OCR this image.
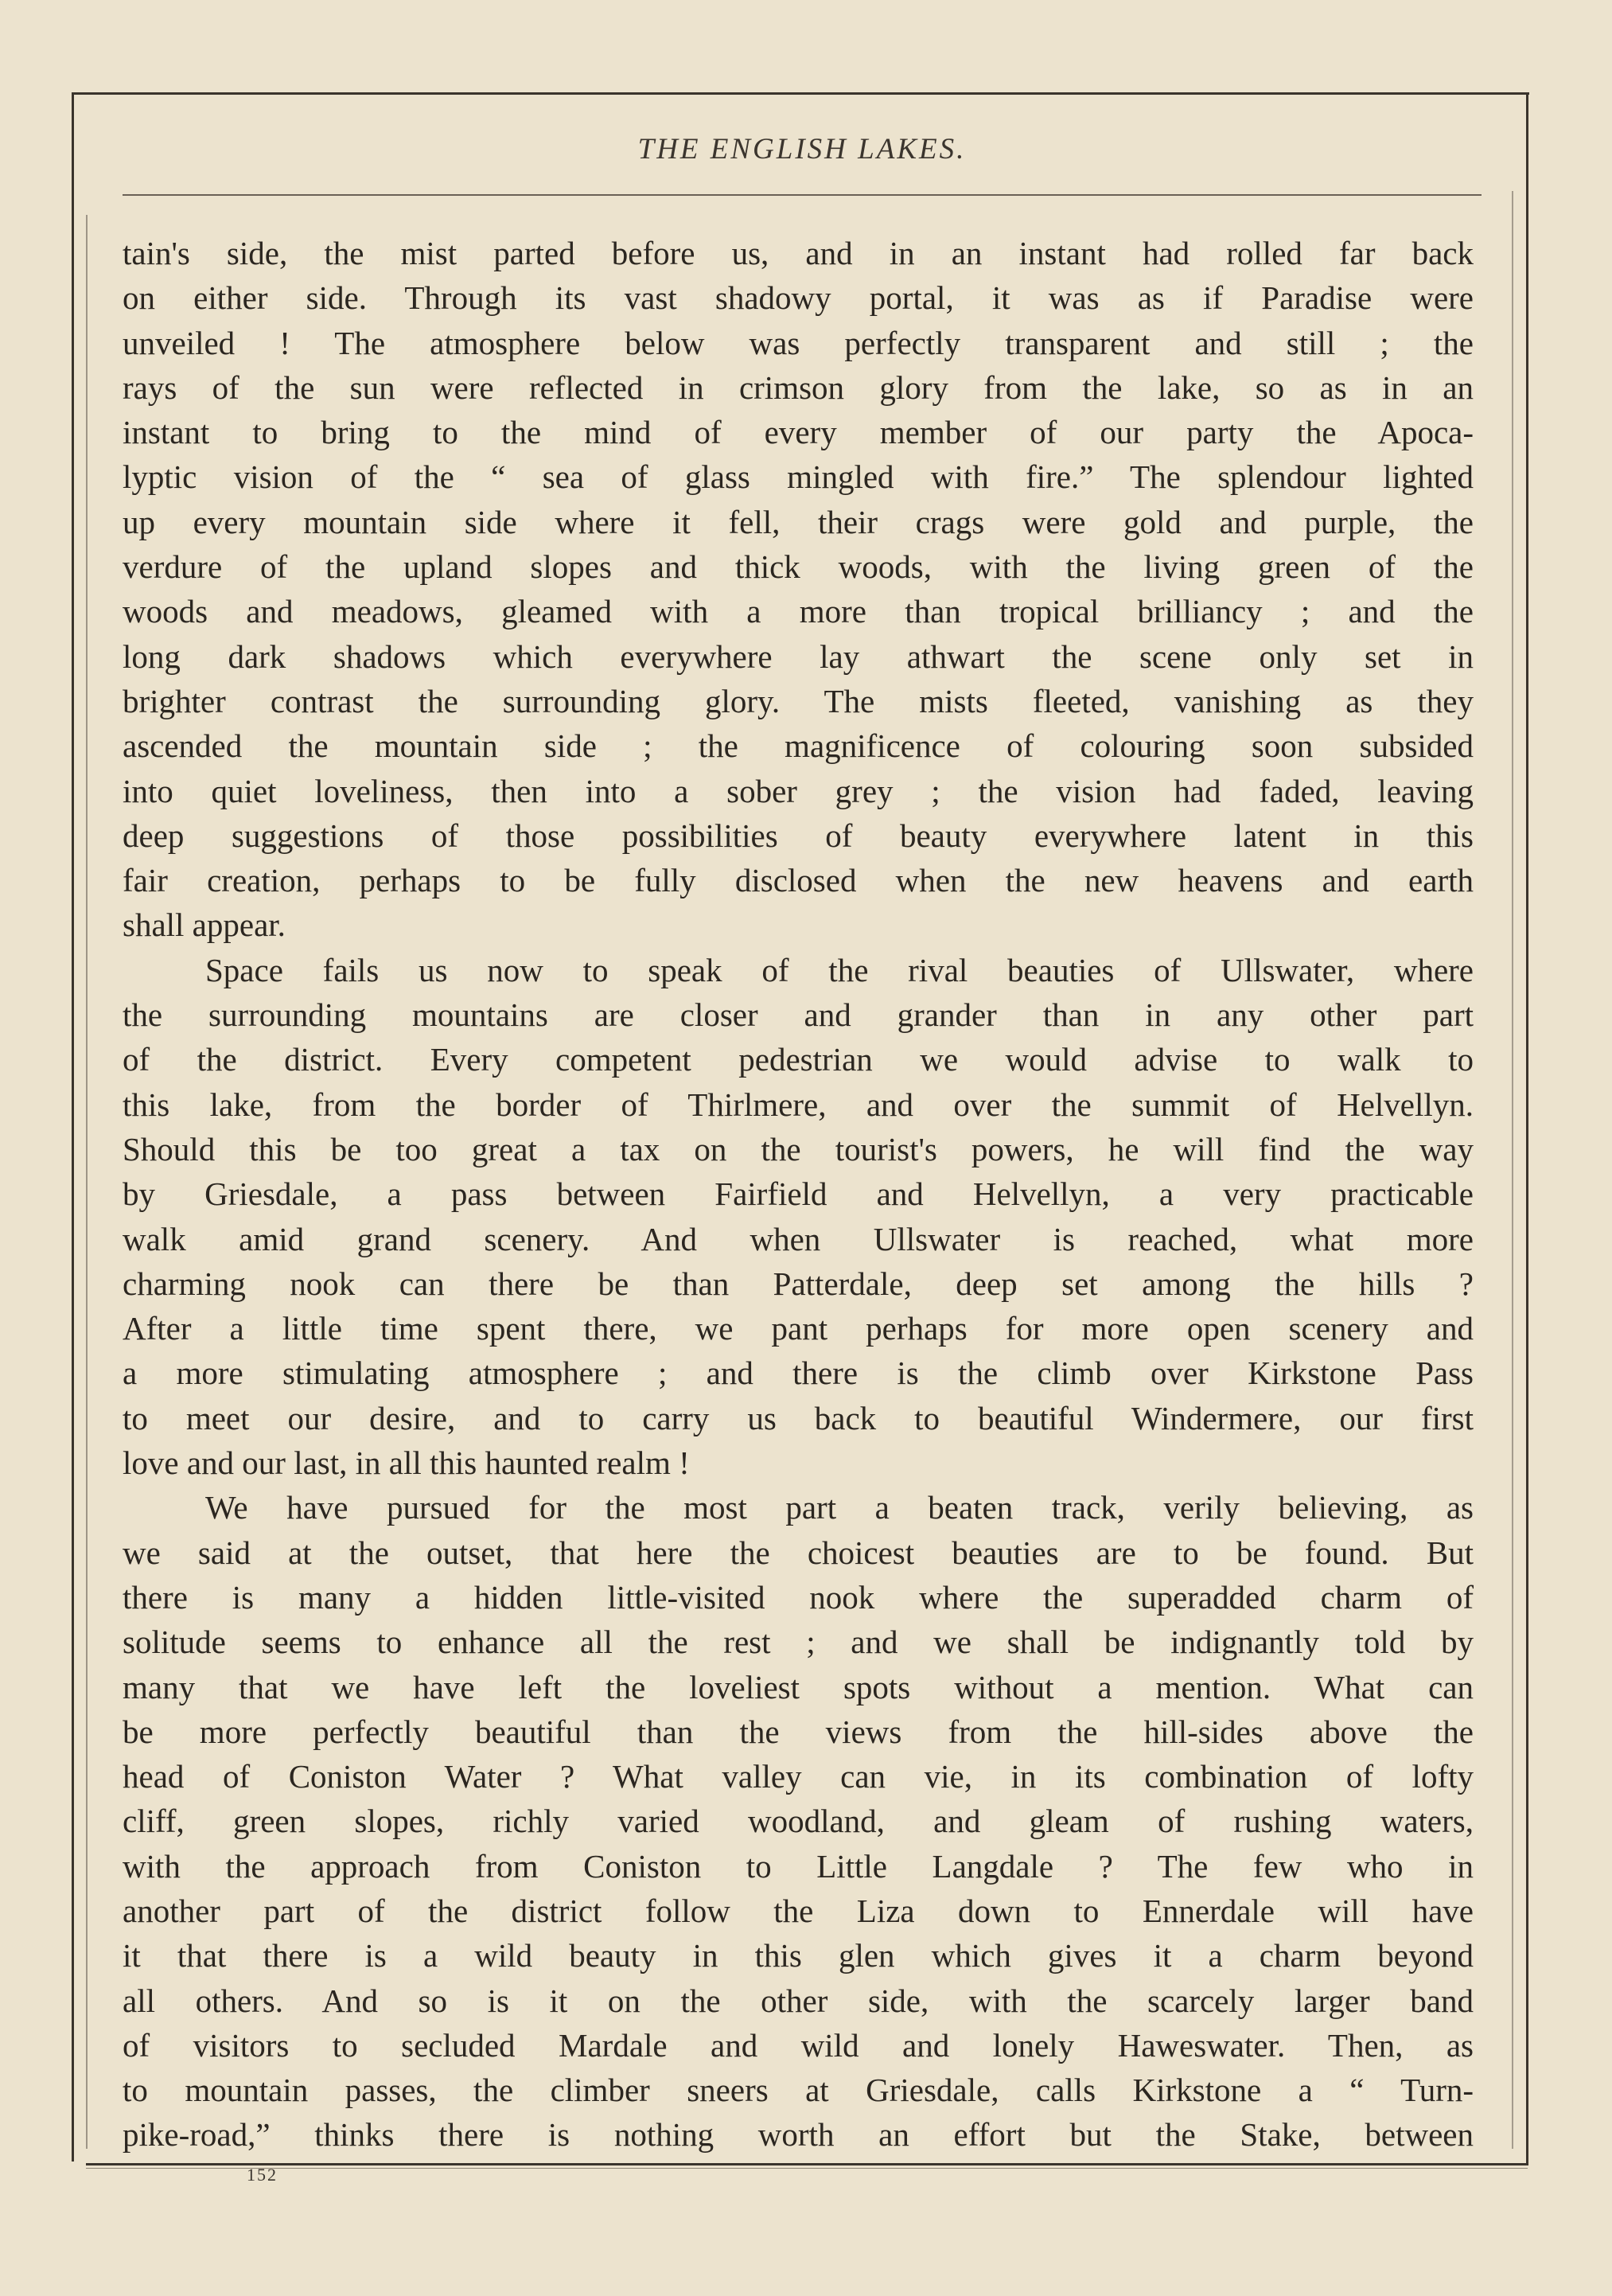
THE ENGLISH LAKES.
tain's side, the mist parted before us, and in an instant had rolled far back
on either side. Through its vast shadowy portal, it was as if Paradise were
unveiled ! The atmosphere below was perfectly transparent and still ; the
rays of the sun were reflected in crimson glory from the lake, so as in an
instant to bring to the mind of every member of our party the Apoca-
lyptic vision of the “ sea of glass mingled with fire.” The splendour lighted
up every mountain side where it fell, their crags were gold and purple, the
verdure of the upland slopes and thick woods, with the living green of the
woods and meadows, gleamed with a more than tropical brilliancy ; and the
long dark shadows which everywhere lay athwart the scene only set in
brighter contrast the surrounding glory. The mists fleeted, vanishing as they
ascended the mountain side ; the magnificence of colouring soon subsided
into quiet loveliness, then into a sober grey ; the vision had faded, leaving
deep suggestions of those possibilities of beauty everywhere latent in this
fair creation, perhaps to be fully disclosed when the new heavens and earth
shall appear.
Space fails us now to speak of the rival beauties of Ullswater, where
the surrounding mountains are closer and grander than in any other part
of the district. Every competent pedestrian we would advise to walk to
this lake, from the border of Thirlmere, and over the summit of Helvellyn.
Should this be too great a tax on the tourist's powers, he will find the way
by Griesdale, a pass between Fairfield and Helvellyn, a very practicable
walk amid grand scenery. And when Ullswater is reached, what more
charming nook can there be than Patterdale, deep set among the hills ?
After a little time spent there, we pant perhaps for more open scenery and
a more stimulating atmosphere ; and there is the climb over Kirkstone Pass
to meet our desire, and to carry us back to beautiful Windermere, our first
love and our last, in all this haunted realm !
We have pursued for the most part a beaten track, verily believing, as
we said at the outset, that here the choicest beauties are to be found. But
there is many a hidden little-visited nook where the superadded charm of
solitude seems to enhance all the rest ; and we shall be indignantly told by
many that we have left the loveliest spots without a mention. What can
be more perfectly beautiful than the views from the hill-sides above the
head of Coniston Water ? What valley can vie, in its combination of lofty
cliff, green slopes, richly varied woodland, and gleam of rushing waters,
with the approach from Coniston to Little Langdale ? The few who in
another part of the district follow the Liza down to Ennerdale will have
it that there is a wild beauty in this glen which gives it a charm beyond
all others. And so is it on the other side, with the scarcely larger band
of visitors to secluded Mardale and wild and lonely Haweswater. Then, as
to mountain passes, the climber sneers at Griesdale, calls Kirkstone a “ Turn-
pike-road,” thinks there is nothing worth an effort but the Stake, between
152
